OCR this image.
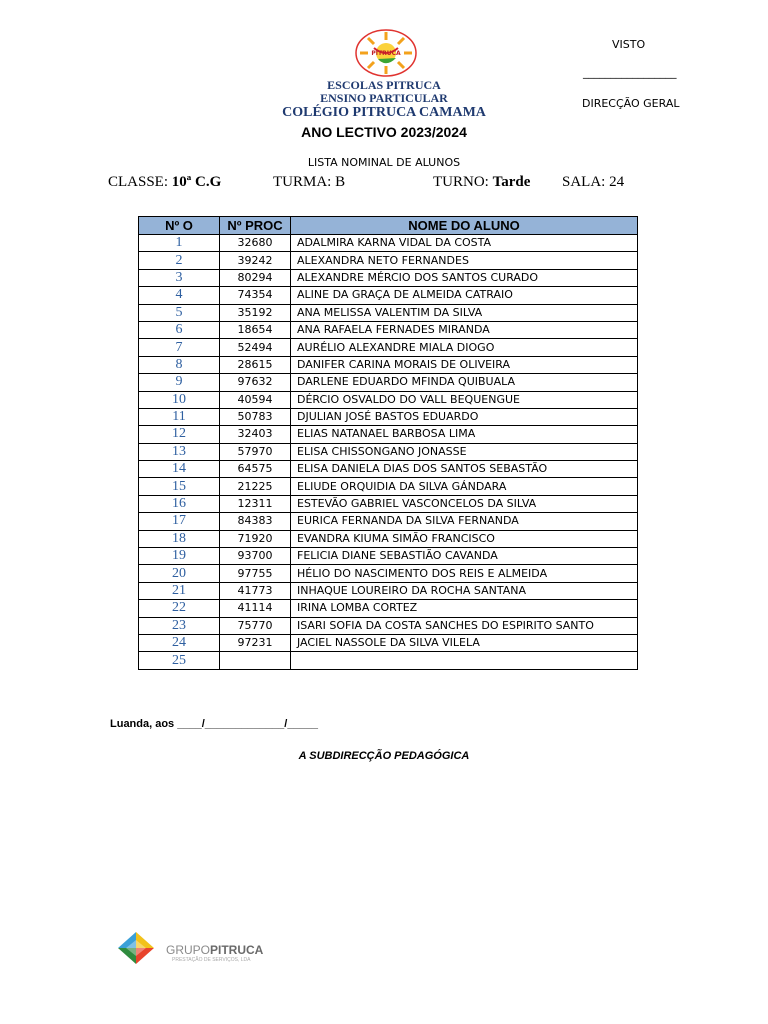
PITRUCA
VISTO
_________________
DIRECÇÃO GERAL
ESCOLAS PITRUCA
ENSINO PARTICULAR
COLÉGIO PITRUCA CAMAMA
ANO LECTIVO 2023/2024
LISTA NOMINAL DE ALUNOS
CLASSE: 10ª C.G	TURMA: B	TURNO: Tarde SALA: 24
Nº O	Nº PROC	NOME DO ALUNO
1	32680	ADALMIRA KARNA VIDAL DA COSTA
2	39242	ALEXANDRA NETO FERNANDES
3	80294	ALEXANDRE MÉRCIO DOS SANTOS CURADO
4	74354	ALINE DA GRAÇA DE ALMEIDA CATRAIO
5	35192	ANA MELISSA VALENTIM DA SILVA
6	18654	ANA RAFAELA FERNADES MIRANDA
7	52494	AURÉLIO ALEXANDRE MIALA DIOGO
8	28615	DANIFER CARINA MORAIS DE OLIVEIRA
9	97632	DARLENE EDUARDO MFINDA QUIBUALA
10	40594	DÉRCIO OSVALDO DO VALL BEQUENGUE
11	50783	DJULIAN JOSÉ BASTOS EDUARDO
12	32403	ELIAS NATANAEL BARBOSA LIMA
13	57970	ELISA CHISSONGANO JONASSE
14	64575	ELISA DANIELA DIAS DOS SANTOS SEBASTÃO
15	21225	ELIUDE ORQUIDIA DA SILVA GÁNDARA
16	12311	ESTEVÃO GABRIEL VASCONCELOS DA SILVA
17	84383	EURICA FERNANDA DA SILVA FERNANDA
18	71920	EVANDRA KIUMA SIMÃO FRANCISCO
19	93700	FELICIA DIANE SEBASTIÃO CAVANDA
20	97755	HÉLIO DO NASCIMENTO DOS REIS E ALMEIDA
21	41773	INHAQUE LOUREIRO DA ROCHA SANTANA
22	41114	IRINA LOMBA CORTEZ
23	75770	ISARI SOFIA DA COSTA SANCHES DO ESPIRITO SANTO
24	97231	JACIEL NASSOLE DA SILVA VILELA
25		
Luanda, aos ____/_____________/_____
A SUBDIRECÇÃO PEDAGÓGICA
GRUPOPITRUCA
PRESTAÇÃO DE SERVIÇOS, LDA
